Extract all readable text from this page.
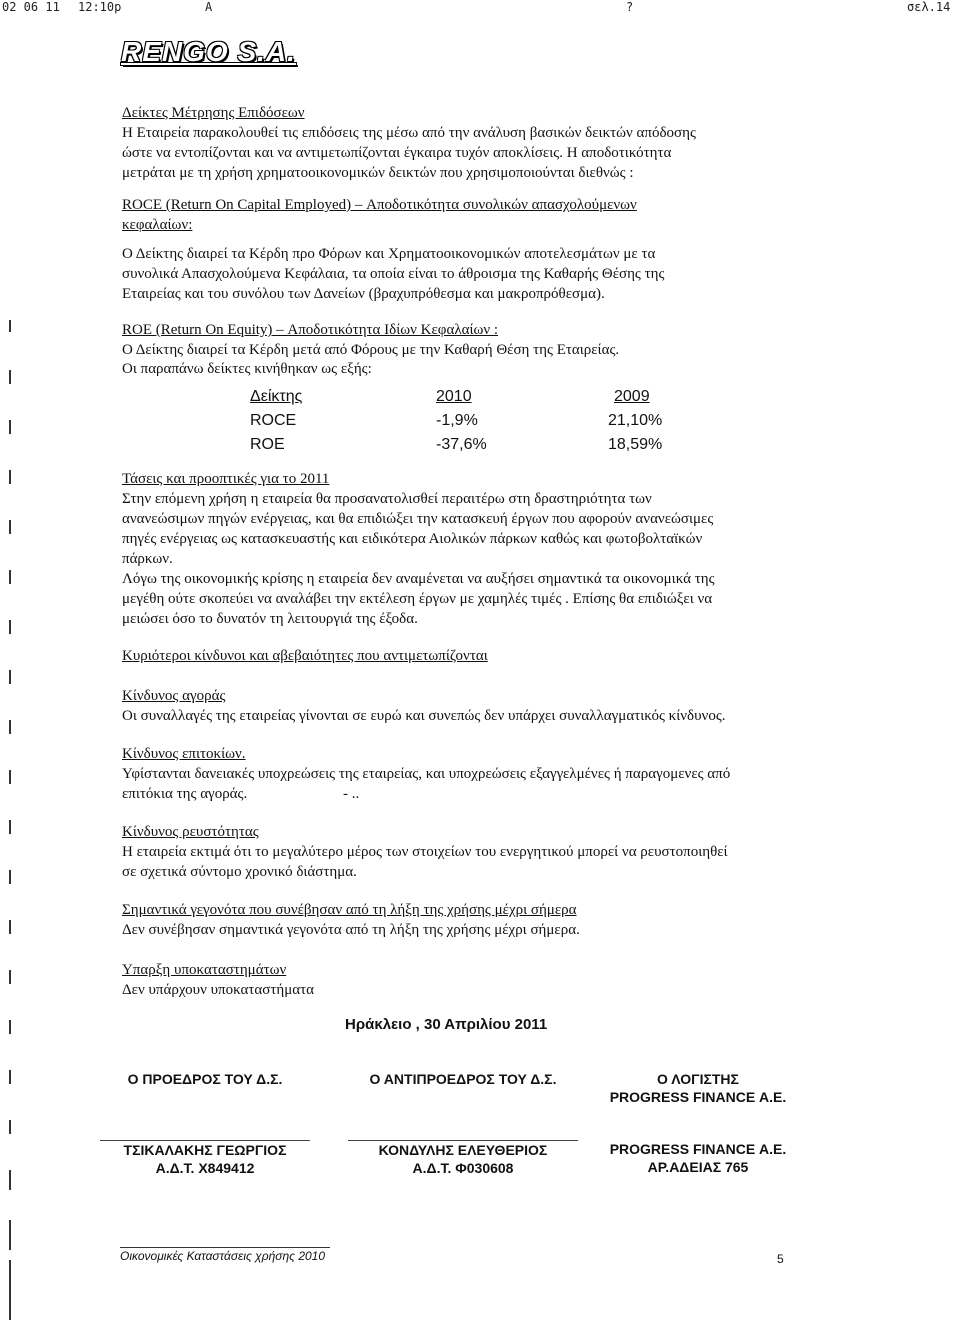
02 06 11 12:10p	A	?	σελ.14
RENGO S.A.
Δείκτες Μέτρησης Επιδόσεων
Η Εταιρεία παρακολουθεί τις επιδόσεις της μέσω από την ανάλυση βασικών δεικτών απόδοσης
ώστε να εντοπίζονται και να αντιμετωπίζονται έγκαιρα τυχόν αποκλίσεις. Η αποδοτικότητα
μετράται με τη χρήση χρηματοοικονομικών δεικτών που χρησιμοποιούνται διεθνώς :
ROCE (Return On Capital Employed) – Αποδοτικότητα συνολικών απασχολούμενων
κεφαλαίων:
Ο Δείκτης διαιρεί τα Κέρδη προ Φόρων και Χρηματοοικονομικών αποτελεσμάτων με τα
συνολικά Απασχολούμενα Κεφάλαια, τα οποία είναι το άθροισμα της Καθαρής Θέσης της
Εταιρείας και του συνόλου των Δανείων (βραχυπρόθεσμα και μακροπρόθεσμα).
ROE (Return On Equity) – Αποδοτικότητα Ιδίων Κεφαλαίων :
Ο Δείκτης διαιρεί τα Κέρδη μετά από Φόρους με την Καθαρή Θέση της Εταιρείας.
Οι παραπάνω δείκτες κινήθηκαν ως εξής:
Δείκτης	2010	2009
ROCE	-1,9%	21,10%
ROE	-37,6%	18,59%
Τάσεις και προοπτικές για το 2011
Στην επόμενη χρήση η εταιρεία θα προσανατολισθεί περαιτέρω στη δραστηριότητα των
ανανεώσιμων πηγών ενέργειας, και θα επιδιώξει την κατασκευή έργων που αφορούν ανανεώσιμες
πηγές ενέργειας ως κατασκευαστής και ειδικότερα Αιολικών πάρκων καθώς και φωτοβολταϊκών
πάρκων.
Λόγω της οικονομικής κρίσης η εταιρεία δεν αναμένεται να αυξήσει σημαντικά τα οικονομικά της
μεγέθη ούτε σκοπεύει να αναλάβει την εκτέλεση έργων με χαμηλές τιμές . Επίσης θα επιδιώξει να
μειώσει όσο το δυνατόν τη λειτουργιά της έξοδα.
Κυριότεροι κίνδυνοι και αβεβαιότητες που αντιμετωπίζονται
Κίνδυνος αγοράς
Οι συναλλαγές της εταιρείας γίνονται σε ευρώ και συνεπώς δεν υπάρχει συναλλαγματικός κίνδυνος.
Κίνδυνος επιτοκίων.
Υφίστανται δανειακές υποχρεώσεις της εταιρείας, και υποχρεώσεις εξαγγελμένες ή παραγομενες από
επιτόκια της αγοράς.	- ..
Κίνδυνος ρευστότητας
Η εταιρεία εκτιμά ότι το μεγαλύτερο μέρος των στοιχείων του ενεργητικού μπορεί να ρευστοποιηθεί
σε σχετικά σύντομο χρονικό διάστημα.
Σημαντικά γεγονότα που συνέβησαν από τη λήξη της χρήσης μέχρι σήμερα
Δεν συνέβησαν σημαντικά γεγονότα από τη λήξη της χρήσης μέχρι σήμερα.
Υπαρξη υποκαταστημάτων
Δεν υπάρχουν υποκαταστήματα
Ηράκλειο , 30 Απριλίου 2011
Ο ΠΡΟΕΔΡΟΣ ΤΟΥ Δ.Σ.
ΤΣΙΚΑΛΑΚΗΣ ΓΕΩΡΓΙΟΣ
Α.Δ.Τ. Χ849412
Ο ΑΝΤΙΠΡΟΕΔΡΟΣ ΤΟΥ Δ.Σ.
ΚΟΝΔΥΛΗΣ ΕΛΕΥΘΕΡΙΟΣ
Α.Δ.Τ. Φ030608
Ο ΛΟΓΙΣΤΗΣ
PROGRESS FINANCE Α.Ε.
PROGRESS FINANCE Α.Ε.
ΑΡ.ΑΔΕΙΑΣ 765
Οικονομικές Καταστάσεις χρήσης 2010	5
